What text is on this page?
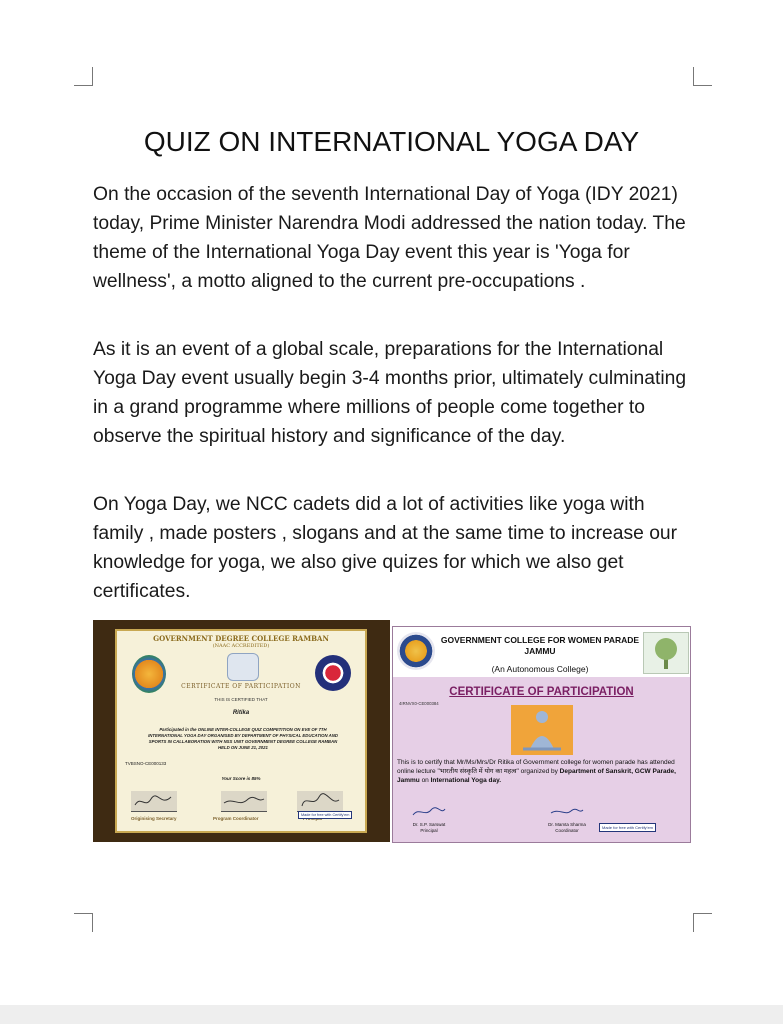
QUIZ ON INTERNATIONAL YOGA DAY

On the occasion of the seventh International Day of Yoga (IDY 2021) today, Prime Minister Narendra Modi addressed the nation today. The theme of the International Yoga Day event this year is 'Yoga for wellness', a motto aligned to the current pre-occupations .

As it is an event of a global scale, preparations for the International Yoga Day event usually begin 3-4 months prior, ultimately culminating in a grand programme where millions of people come together to observe the spiritual history and significance of the day.

On Yoga Day, we NCC cadets did a lot of activities like yoga with family , made posters , slogans and at the same time to increase our knowledge for yoga, we also give quizes for which we also get certificates.

GOVERNMENT DEGREE COLLEGE RAMBAN
(NAAC ACCREDITED)
CERTIFICATE OF PARTICIPATION
THIS IS CERTIFIED THAT
Ritika
Participated in the ONLINE INTER-COLLEGE QUIZ COMPETITION ON EVE OF 7TH INTERNATIONAL YOGA DAY ORGANISED BY DEPARTMENT OF PHYSICAL EDUCATION AND SPORTS IN CALLABORATION WITH NSS UNIT GOVERNMENT DEGREE COLLEGE RAMBAN HELD ON JUNE 21, 2021
TVBSNO-CE000133
Your Score is 85%
Originising Secretary	Program Coordinator
Made for free with Certify'em
GOVERNMENT COLLEGE FOR WOMEN PARADE JAMMU
(An Autonomous College)
CERTIFICATE OF PARTICIPATION
4IRNVX0-CE000384
This is to certify that Mr/Ms/Mrs/Dr Ritika of Government college for women parade has attended online lecture "भारतीय संस्कृति में योग का महत्व" organized by Department of Sanskrit, GCW Parade, Jammu on International Yoga day.
Dr. S.P. Sarswat
Principal
Dr. Mamta Sharma
Coordinator
Made for free with Certify'em
